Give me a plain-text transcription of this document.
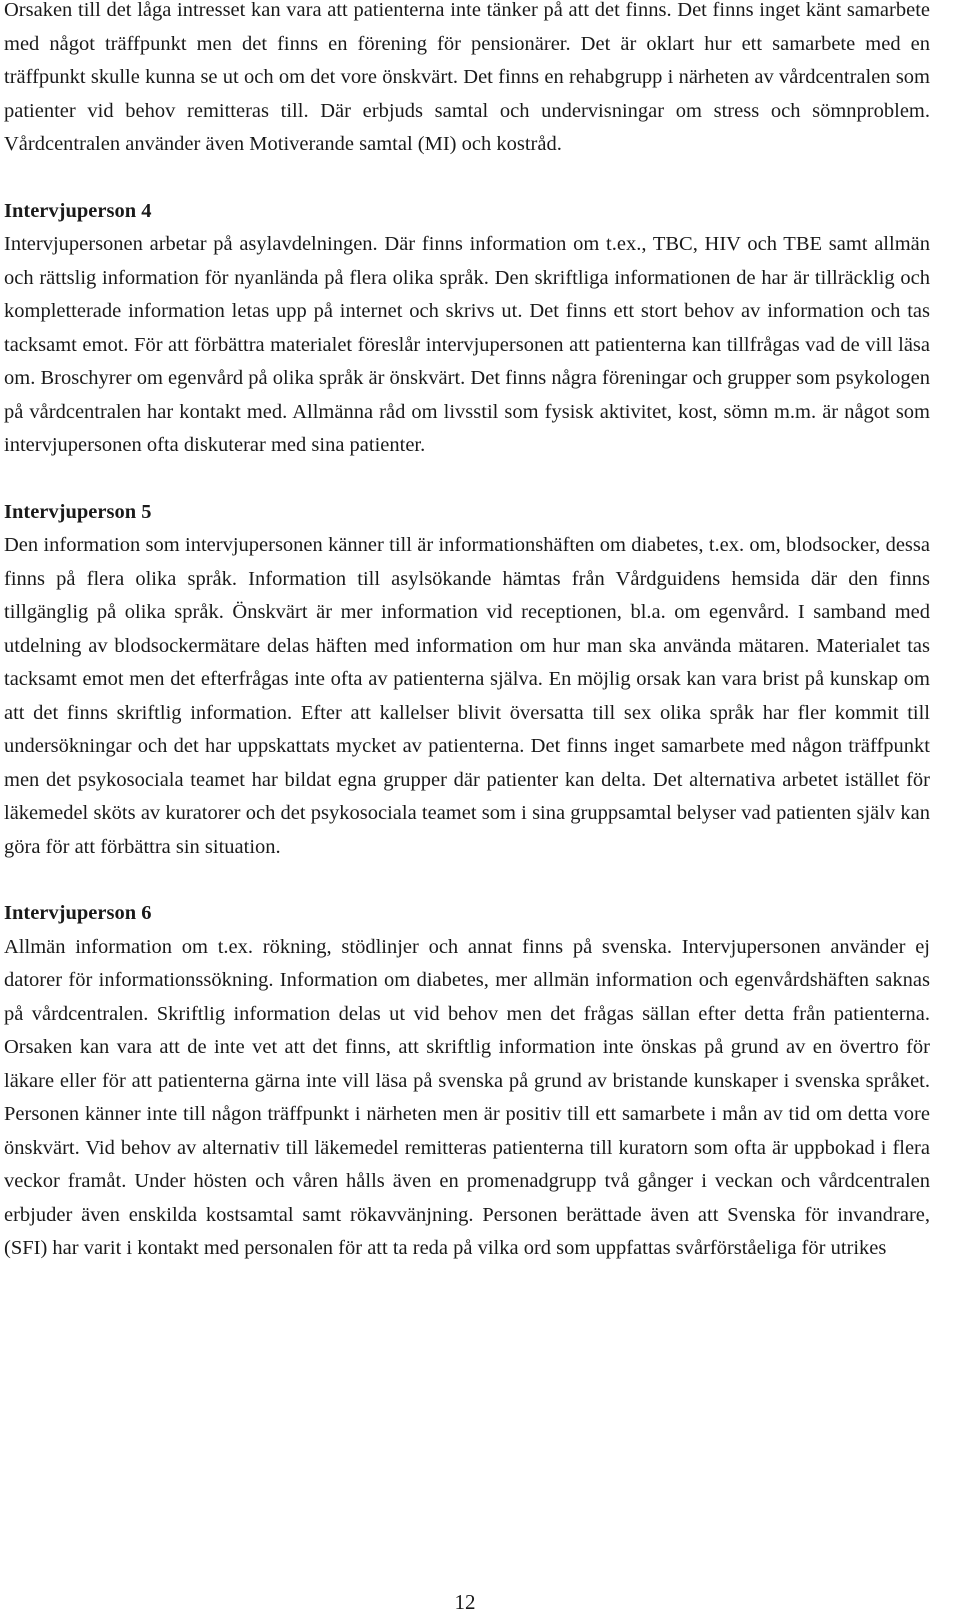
Orsaken till det låga intresset kan vara att patienterna inte tänker på att det finns. Det finns inget känt samarbete med något träffpunkt men det finns en förening för pensionärer. Det är oklart hur ett samarbete med en träffpunkt skulle kunna se ut och om det vore önskvärt. Det finns en rehabgrupp i närheten av vårdcentralen som patienter vid behov remitteras till. Där erbjuds samtal och undervisningar om stress och sömnproblem. Vårdcentralen använder även Motiverande samtal (MI) och kostråd.

Intervjuperson 4

Intervjupersonen arbetar på asylavdelningen. Där finns information om t.ex., TBC, HIV och TBE samt allmän och rättslig information för nyanlända på flera olika språk. Den skriftliga informationen de har är tillräcklig och kompletterade information letas upp på internet och skrivs ut. Det finns ett stort behov av information och tas tacksamt emot. För att förbättra materialet föreslår intervjupersonen att patienterna kan tillfrågas vad de vill läsa om. Broschyrer om egenvård på olika språk är önskvärt. Det finns några föreningar och grupper som psykologen på vårdcentralen har kontakt med. Allmänna råd om livsstil som fysisk aktivitet, kost, sömn m.m. är något som intervjupersonen ofta diskuterar med sina patienter.

Intervjuperson 5

Den information som intervjupersonen känner till är informationshäften om diabetes, t.ex. om, blodsocker, dessa finns på flera olika språk. Information till asylsökande hämtas från Vårdguidens hemsida där den finns tillgänglig på olika språk. Önskvärt är mer information vid receptionen, bl.a. om egenvård. I samband med utdelning av blodsockermätare delas häften med information om hur man ska använda mätaren. Materialet tas tacksamt emot men det efterfrågas inte ofta av patienterna själva. En möjlig orsak kan vara brist på kunskap om att det finns skriftlig information. Efter att kallelser blivit översatta till sex olika språk har fler kommit till undersökningar och det har uppskattats mycket av patienterna. Det finns inget samarbete med någon träffpunkt men det psykosociala teamet har bildat egna grupper där patienter kan delta. Det alternativa arbetet istället för läkemedel sköts av kuratorer och det psykosociala teamet som i sina gruppsamtal belyser vad patienten själv kan göra för att förbättra sin situation.

Intervjuperson 6

Allmän information om t.ex. rökning, stödlinjer och annat finns på svenska. Intervjupersonen använder ej datorer för informationssökning. Information om diabetes, mer allmän information och egenvårdshäften saknas på vårdcentralen. Skriftlig information delas ut vid behov men det frågas sällan efter detta från patienterna. Orsaken kan vara att de inte vet att det finns, att skriftlig information inte önskas på grund av en övertro för läkare eller för att patienterna gärna inte vill läsa på svenska på grund av bristande kunskaper i svenska språket. Personen känner inte till någon träffpunkt i närheten men är positiv till ett samarbete i mån av tid om detta vore önskvärt. Vid behov av alternativ till läkemedel remitteras patienterna till kuratorn som ofta är uppbokad i flera veckor framåt. Under hösten och våren hålls även en promenadgrupp två gånger i veckan och vårdcentralen erbjuder även enskilda kostsamtal samt rökavvänjning. Personen berättade även att Svenska för invandrare, (SFI) har varit i kontakt med personalen för att ta reda på vilka ord som uppfattas svårförståeliga för utrikes

12
